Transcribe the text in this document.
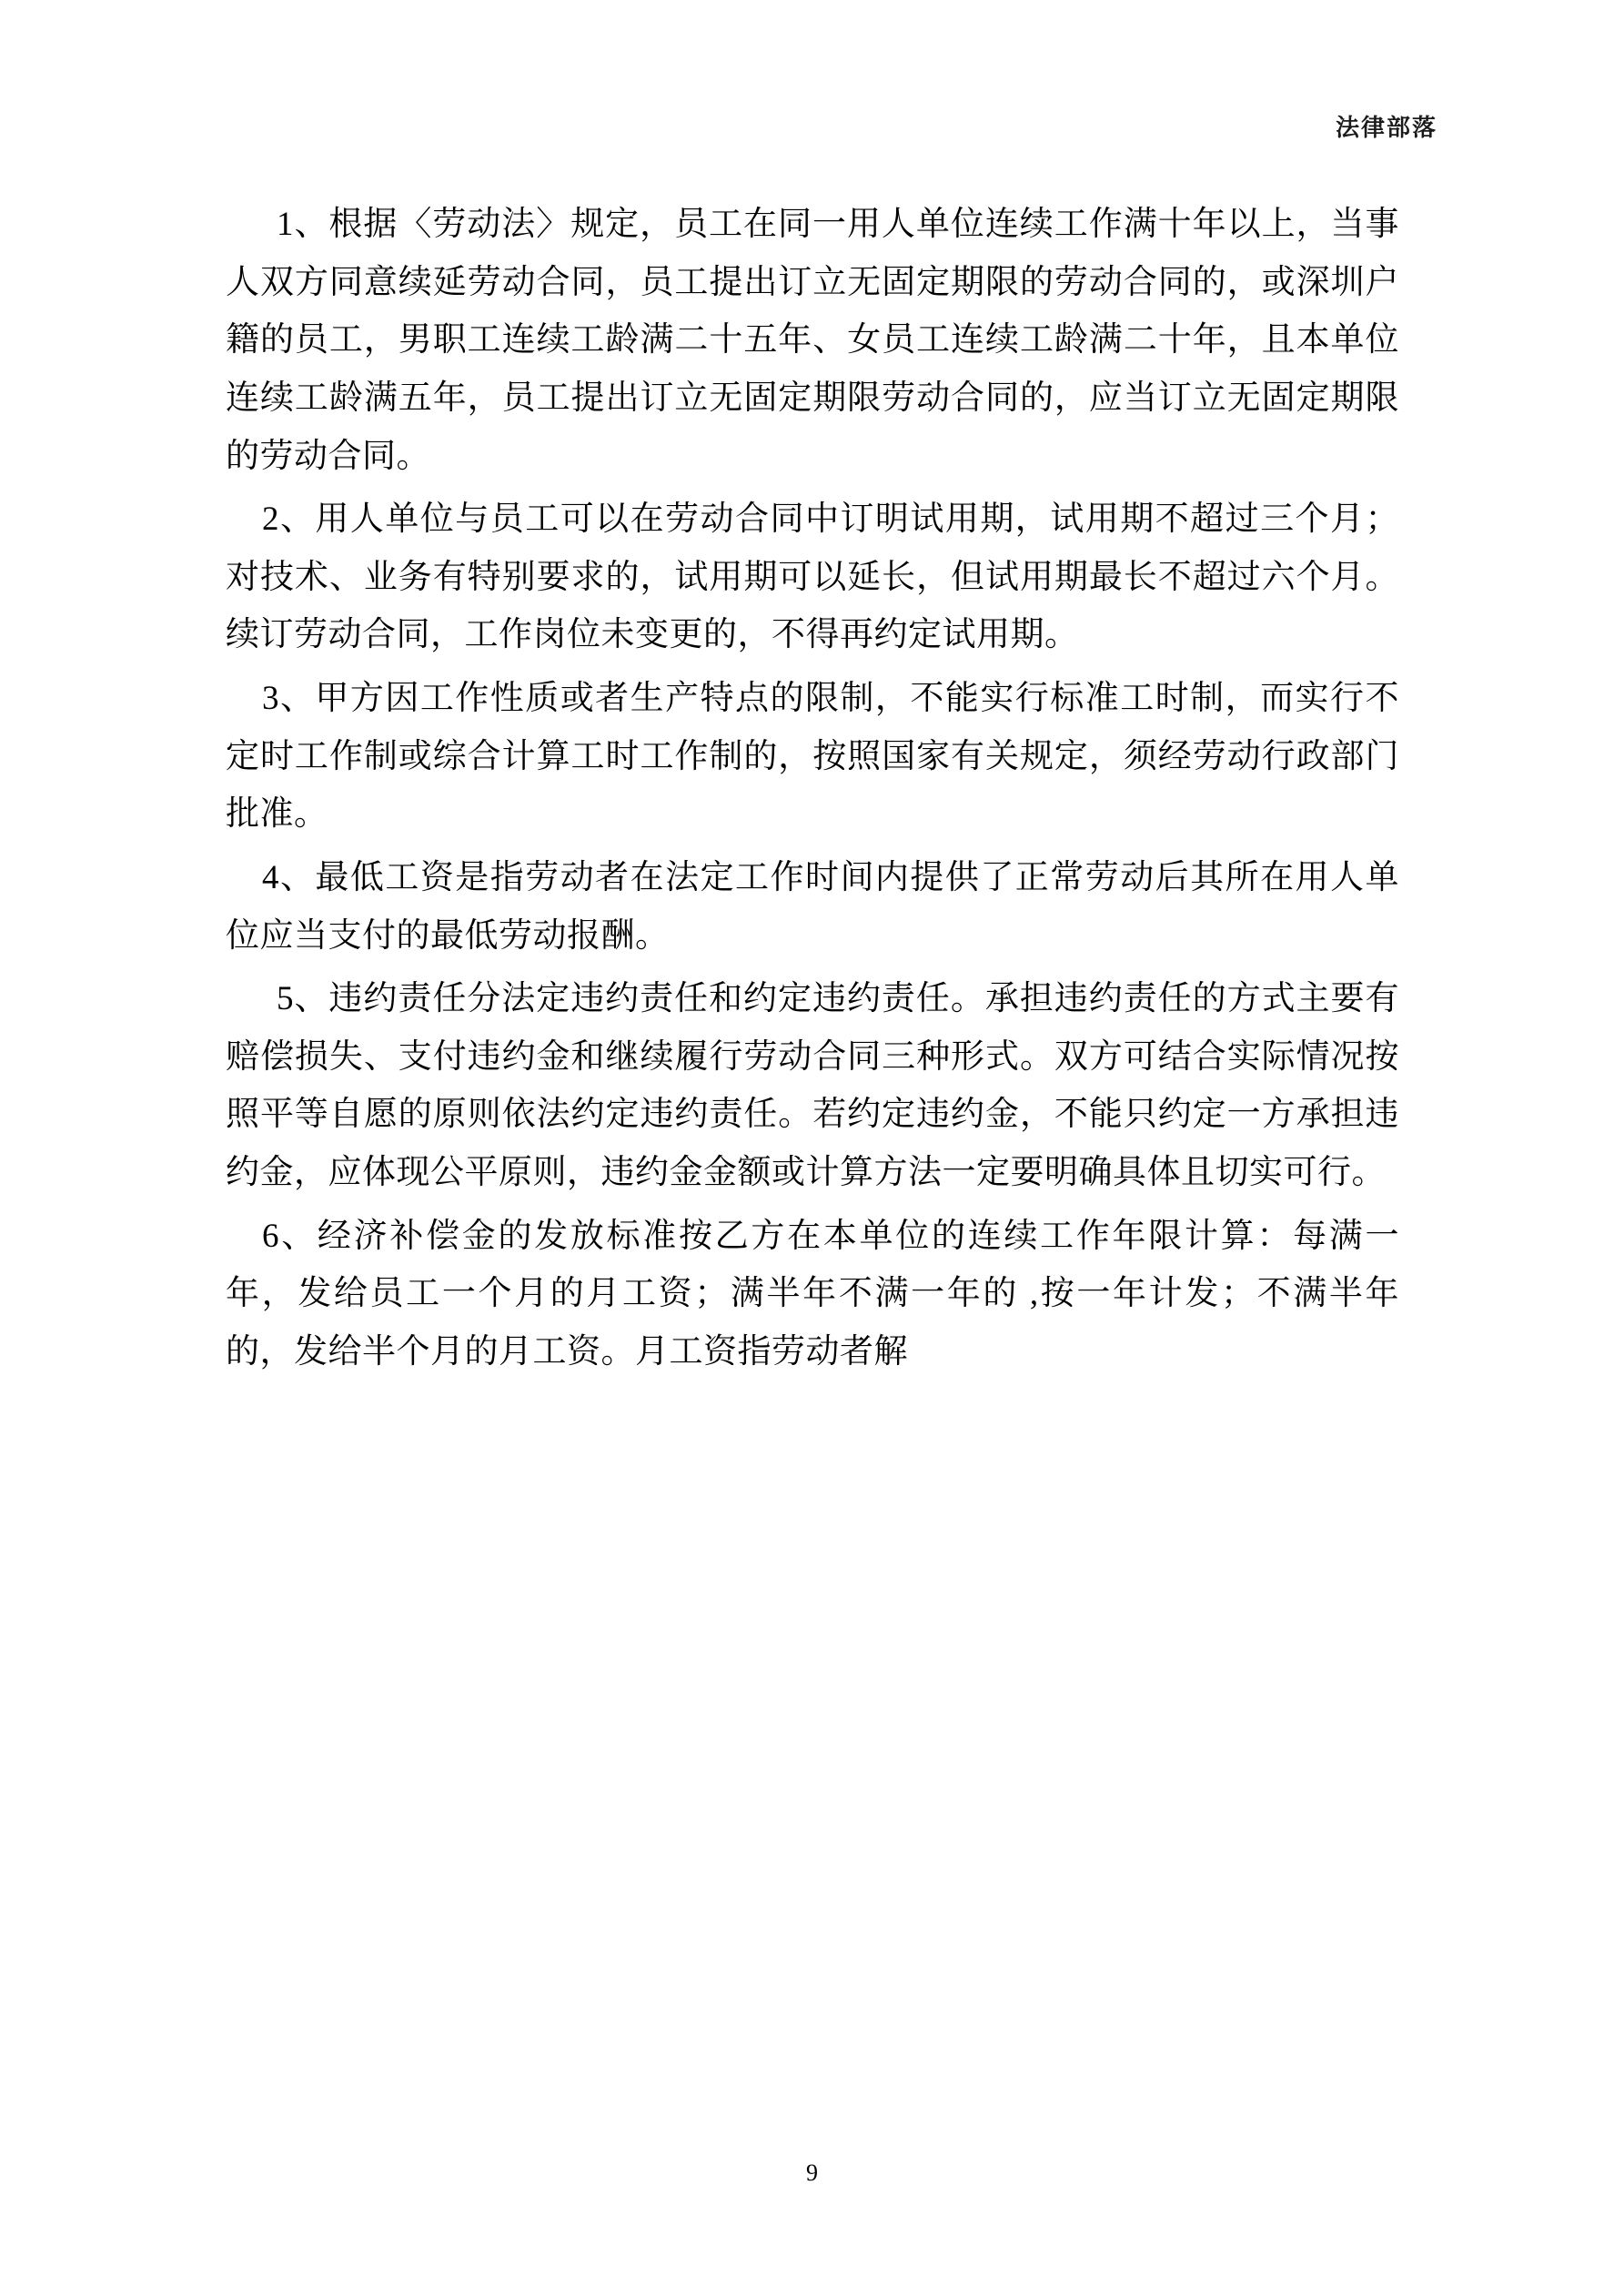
法律部落

1、根据〈劳动法〉规定，员工在同一用人单位连续工作满十年以上，当事人双方同意续延劳动合同，员工提出订立无固定期限的劳动合同的，或深圳户籍的员工，男职工连续工龄满二十五年、女员工连续工龄满二十年，且本单位连续工龄满五年，员工提出订立无固定期限劳动合同的，应当订立无固定期限的劳动合同。

2、用人单位与员工可以在劳动合同中订明试用期，试用期不超过三个月；对技术、业务有特别要求的，试用期可以延长，但试用期最长不超过六个月。续订劳动合同，工作岗位未变更的，不得再约定试用期。

3、甲方因工作性质或者生产特点的限制，不能实行标准工时制，而实行不定时工作制或综合计算工时工作制的，按照国家有关规定，须经劳动行政部门批准。

4、最低工资是指劳动者在法定工作时间内提供了正常劳动后其所在用人单位应当支付的最低劳动报酬。

5、违约责任分法定违约责任和约定违约责任。承担违约责任的方式主要有赔偿损失、支付违约金和继续履行劳动合同三种形式。双方可结合实际情况按照平等自愿的原则依法约定违约责任。若约定违约金，不能只约定一方承担违约金，应体现公平原则，违约金金额或计算方法一定要明确具体且切实可行。

6、经济补偿金的发放标准按乙方在本单位的连续工作年限计算：每满一年，发给员工一个月的月工资；满半年不满一年的 ,按一年计发；不满半年的，发给半个月的月工资。月工资指劳动者解

9
